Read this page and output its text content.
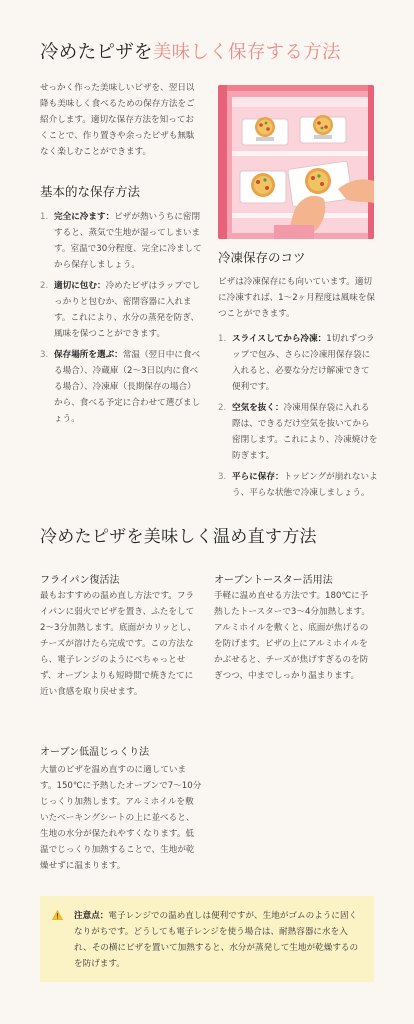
冷めたピザを美味しく保存する方法
せっかく作った美味しいピザを、翌日以降も美味しく食べるための保存方法をご紹介します。適切な保存方法を知っておくことで、作り置きや余ったピザも無駄なく楽しむことができます。
基本的な保存方法
1. 完全に冷ます：ピザが熱いうちに密閉すると、蒸気で生地が湿ってしまいます。室温で30分程度、完全に冷ましてから保存しましょう。
2. 適切に包む：冷めたピザはラップでしっかりと包むか、密閉容器に入れます。これにより、水分の蒸発を防ぎ、風味を保つことができます。
3. 保存場所を選ぶ：常温（翌日中に食べる場合）、冷蔵庫（2〜3日以内に食べる場合）、冷凍庫（長期保存の場合）から、食べる予定に合わせて選びましょう。
冷凍保存のコツ
ピザは冷凍保存にも向いています。適切に冷凍すれば、1〜2ヶ月程度は風味を保つことができます。
1. スライスしてから冷凍：1切れずつラップで包み、さらに冷凍用保存袋に入れると、必要な分だけ解凍できて便利です。
2. 空気を抜く：冷凍用保存袋に入れる際は、できるだけ空気を抜いてから密閉します。これにより、冷凍焼けを防ぎます。
3. 平らに保存：トッピングが崩れないよう、平らな状態で冷凍しましょう。
冷めたピザを美味しく温め直す方法
フライパン復活法
最もおすすめの温め直し方法です。フライパンに弱火でピザを置き、ふたをして2〜3分加熱します。底面がカリッとし、チーズが溶けたら完成です。この方法なら、電子レンジのようにべちゃっとせず、オーブンよりも短時間で焼きたてに近い食感を取り戻せます。
オーブントースター活用法
手軽に温め直せる方法です。180℃に予熱したトースターで3〜4分加熱します。アルミホイルを敷くと、底面が焦げるのを防げます。ピザの上にアルミホイルをかぶせると、チーズが焦げすぎるのを防ぎつつ、中までしっかり温まります。
オーブン低温じっくり法
大量のピザを温め直すのに適しています。150℃に予熱したオーブンで7〜10分じっくり加熱します。アルミホイルを敷いたベーキングシートの上に並べると、生地の水分が保たれやすくなります。低温でじっくり加熱することで、生地が乾燥せずに温まります。
注意点：電子レンジでの温め直しは便利ですが、生地がゴムのように固くなりがちです。どうしても電子レンジを使う場合は、耐熱容器に水を入れ、その横にピザを置いて加熱すると、水分が蒸発して生地が乾燥するのを防げます。
